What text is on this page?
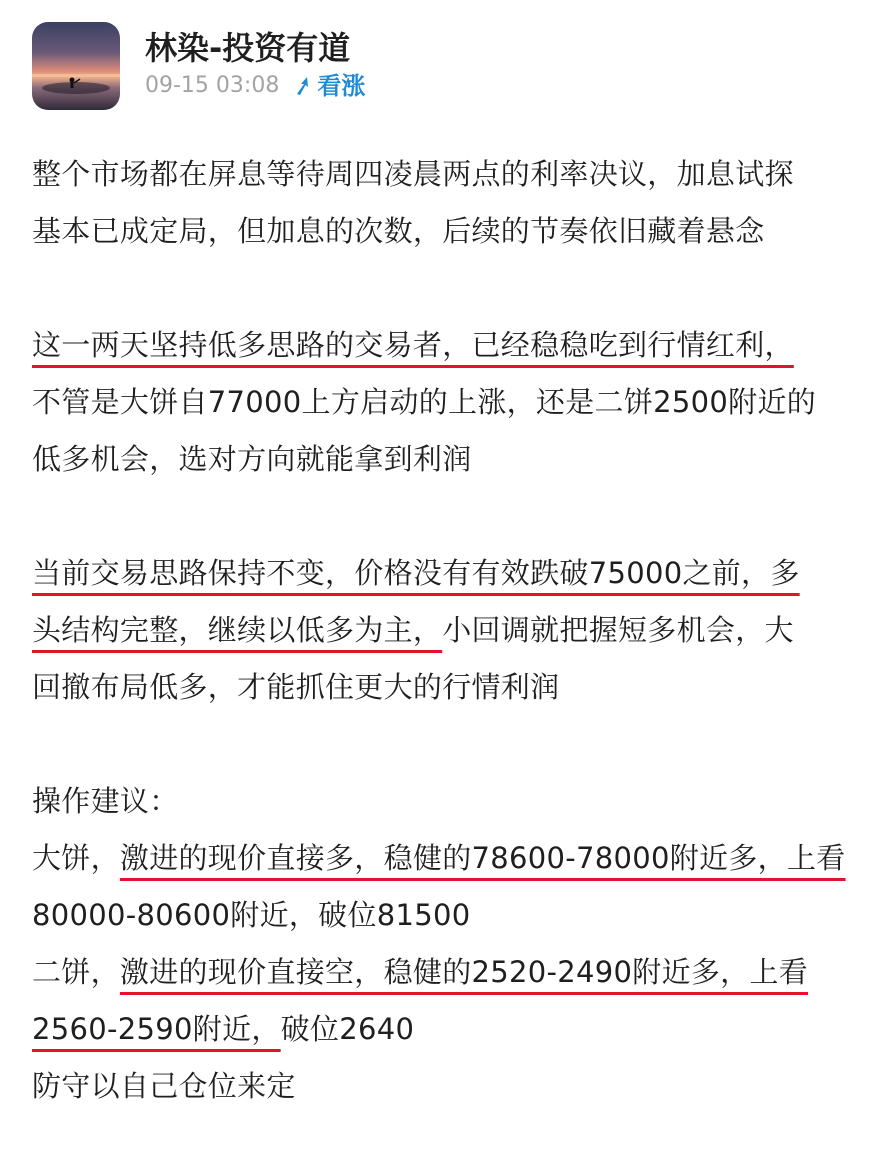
林染-投资有道
09-15 03:08 看涨
整个市场都在屏息等待周四凌晨两点的利率决议，加息试探
基本已成定局，但加息的次数，后续的节奏依旧藏着悬念
这一两天坚持低多思路的交易者，已经稳稳吃到行情红利，
不管是大饼自77000上方启动的上涨，还是二饼2500附近的
低多机会，选对方向就能拿到利润
当前交易思路保持不变，价格没有有效跌破75000之前，多
头结构完整，继续以低多为主，小回调就把握短多机会，大
回撤布局低多，才能抓住更大的行情利润
操作建议：
大饼，激进的现价直接多，稳健的78600-78000附近多，上看
80000-80600附近，破位81500
二饼，激进的现价直接空，稳健的2520-2490附近多，上看
2560-2590附近，破位2640
防守以自己仓位来定
